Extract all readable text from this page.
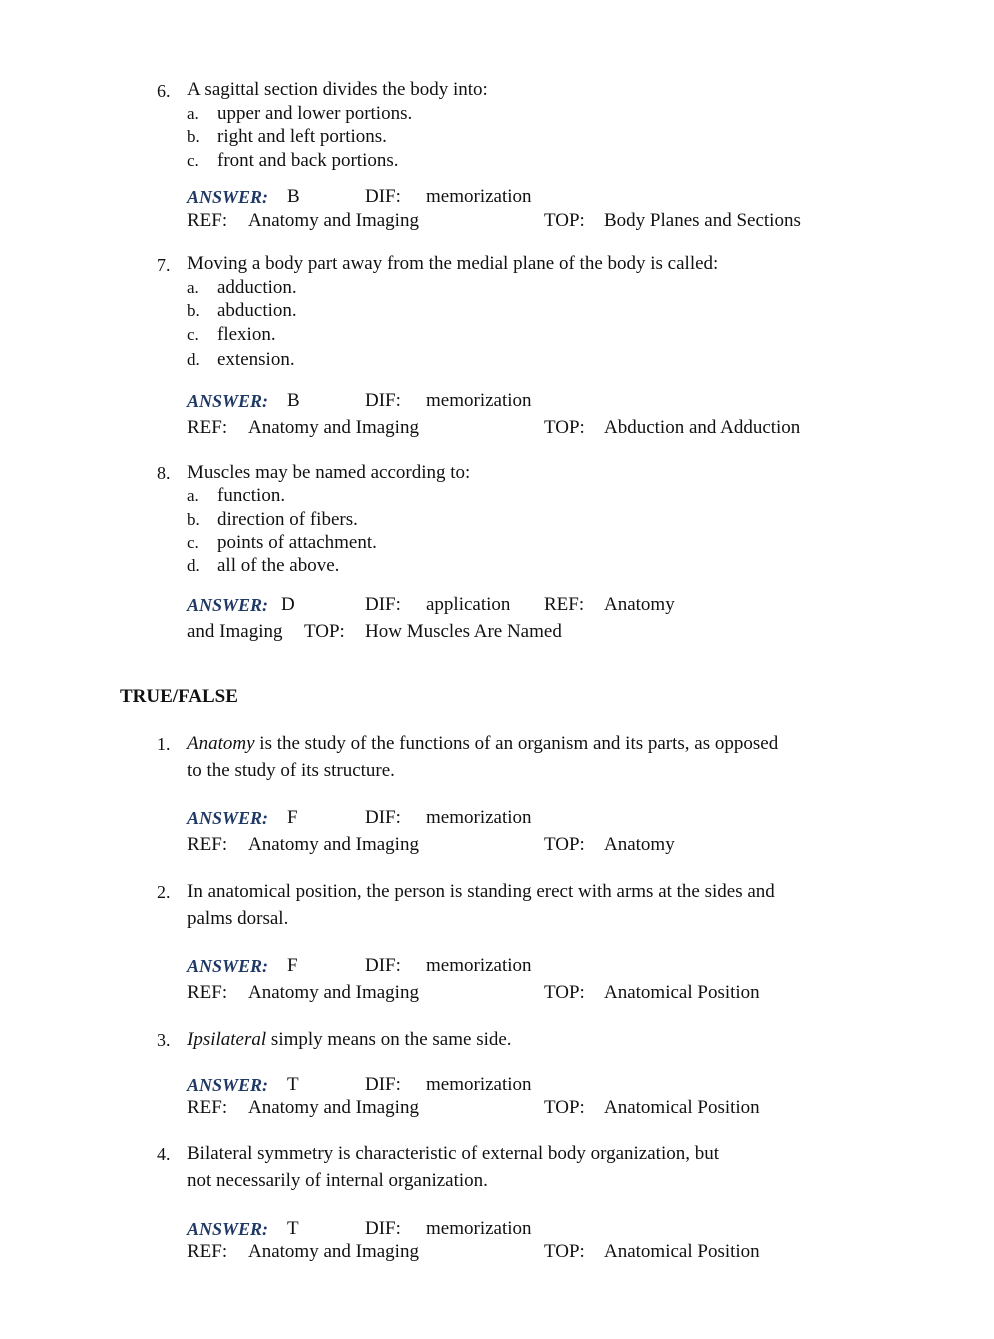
6. A sagittal section divides the body into:
a. upper and lower portions.
b. right and left portions.
c. front and back portions.
ANSWER: B	DIF: memorization
REF: Anatomy and Imaging	TOP: Body Planes and Sections
7. Moving a body part away from the medial plane of the body is called:
a. adduction.
b. abduction.
c. flexion.
d. extension.
ANSWER: B	DIF: memorization
REF: Anatomy and Imaging	TOP: Abduction and Adduction
8. Muscles may be named according to:
a. function.
b. direction of fibers.
c. points of attachment.
d. all of the above.
ANSWER: D	DIF: application REF: Anatomy
and Imaging TOP: How Muscles Are Named
TRUE/FALSE
1. Anatomy is the study of the functions of an organism and its parts, as opposed
to the study of its structure.
ANSWER: F	DIF: memorization
REF: Anatomy and Imaging	TOP: Anatomy
2. In anatomical position, the person is standing erect with arms at the sides and
palms dorsal.
ANSWER: F	DIF: memorization
REF: Anatomy and Imaging	TOP: Anatomical Position
3. Ipsilateral simply means on the same side.
ANSWER: T	DIF: memorization
REF: Anatomy and Imaging	TOP: Anatomical Position
4. Bilateral symmetry is characteristic of external body organization, but
not necessarily of internal organization.
ANSWER: T	DIF: memorization
REF: Anatomy and Imaging	TOP: Anatomical Position
